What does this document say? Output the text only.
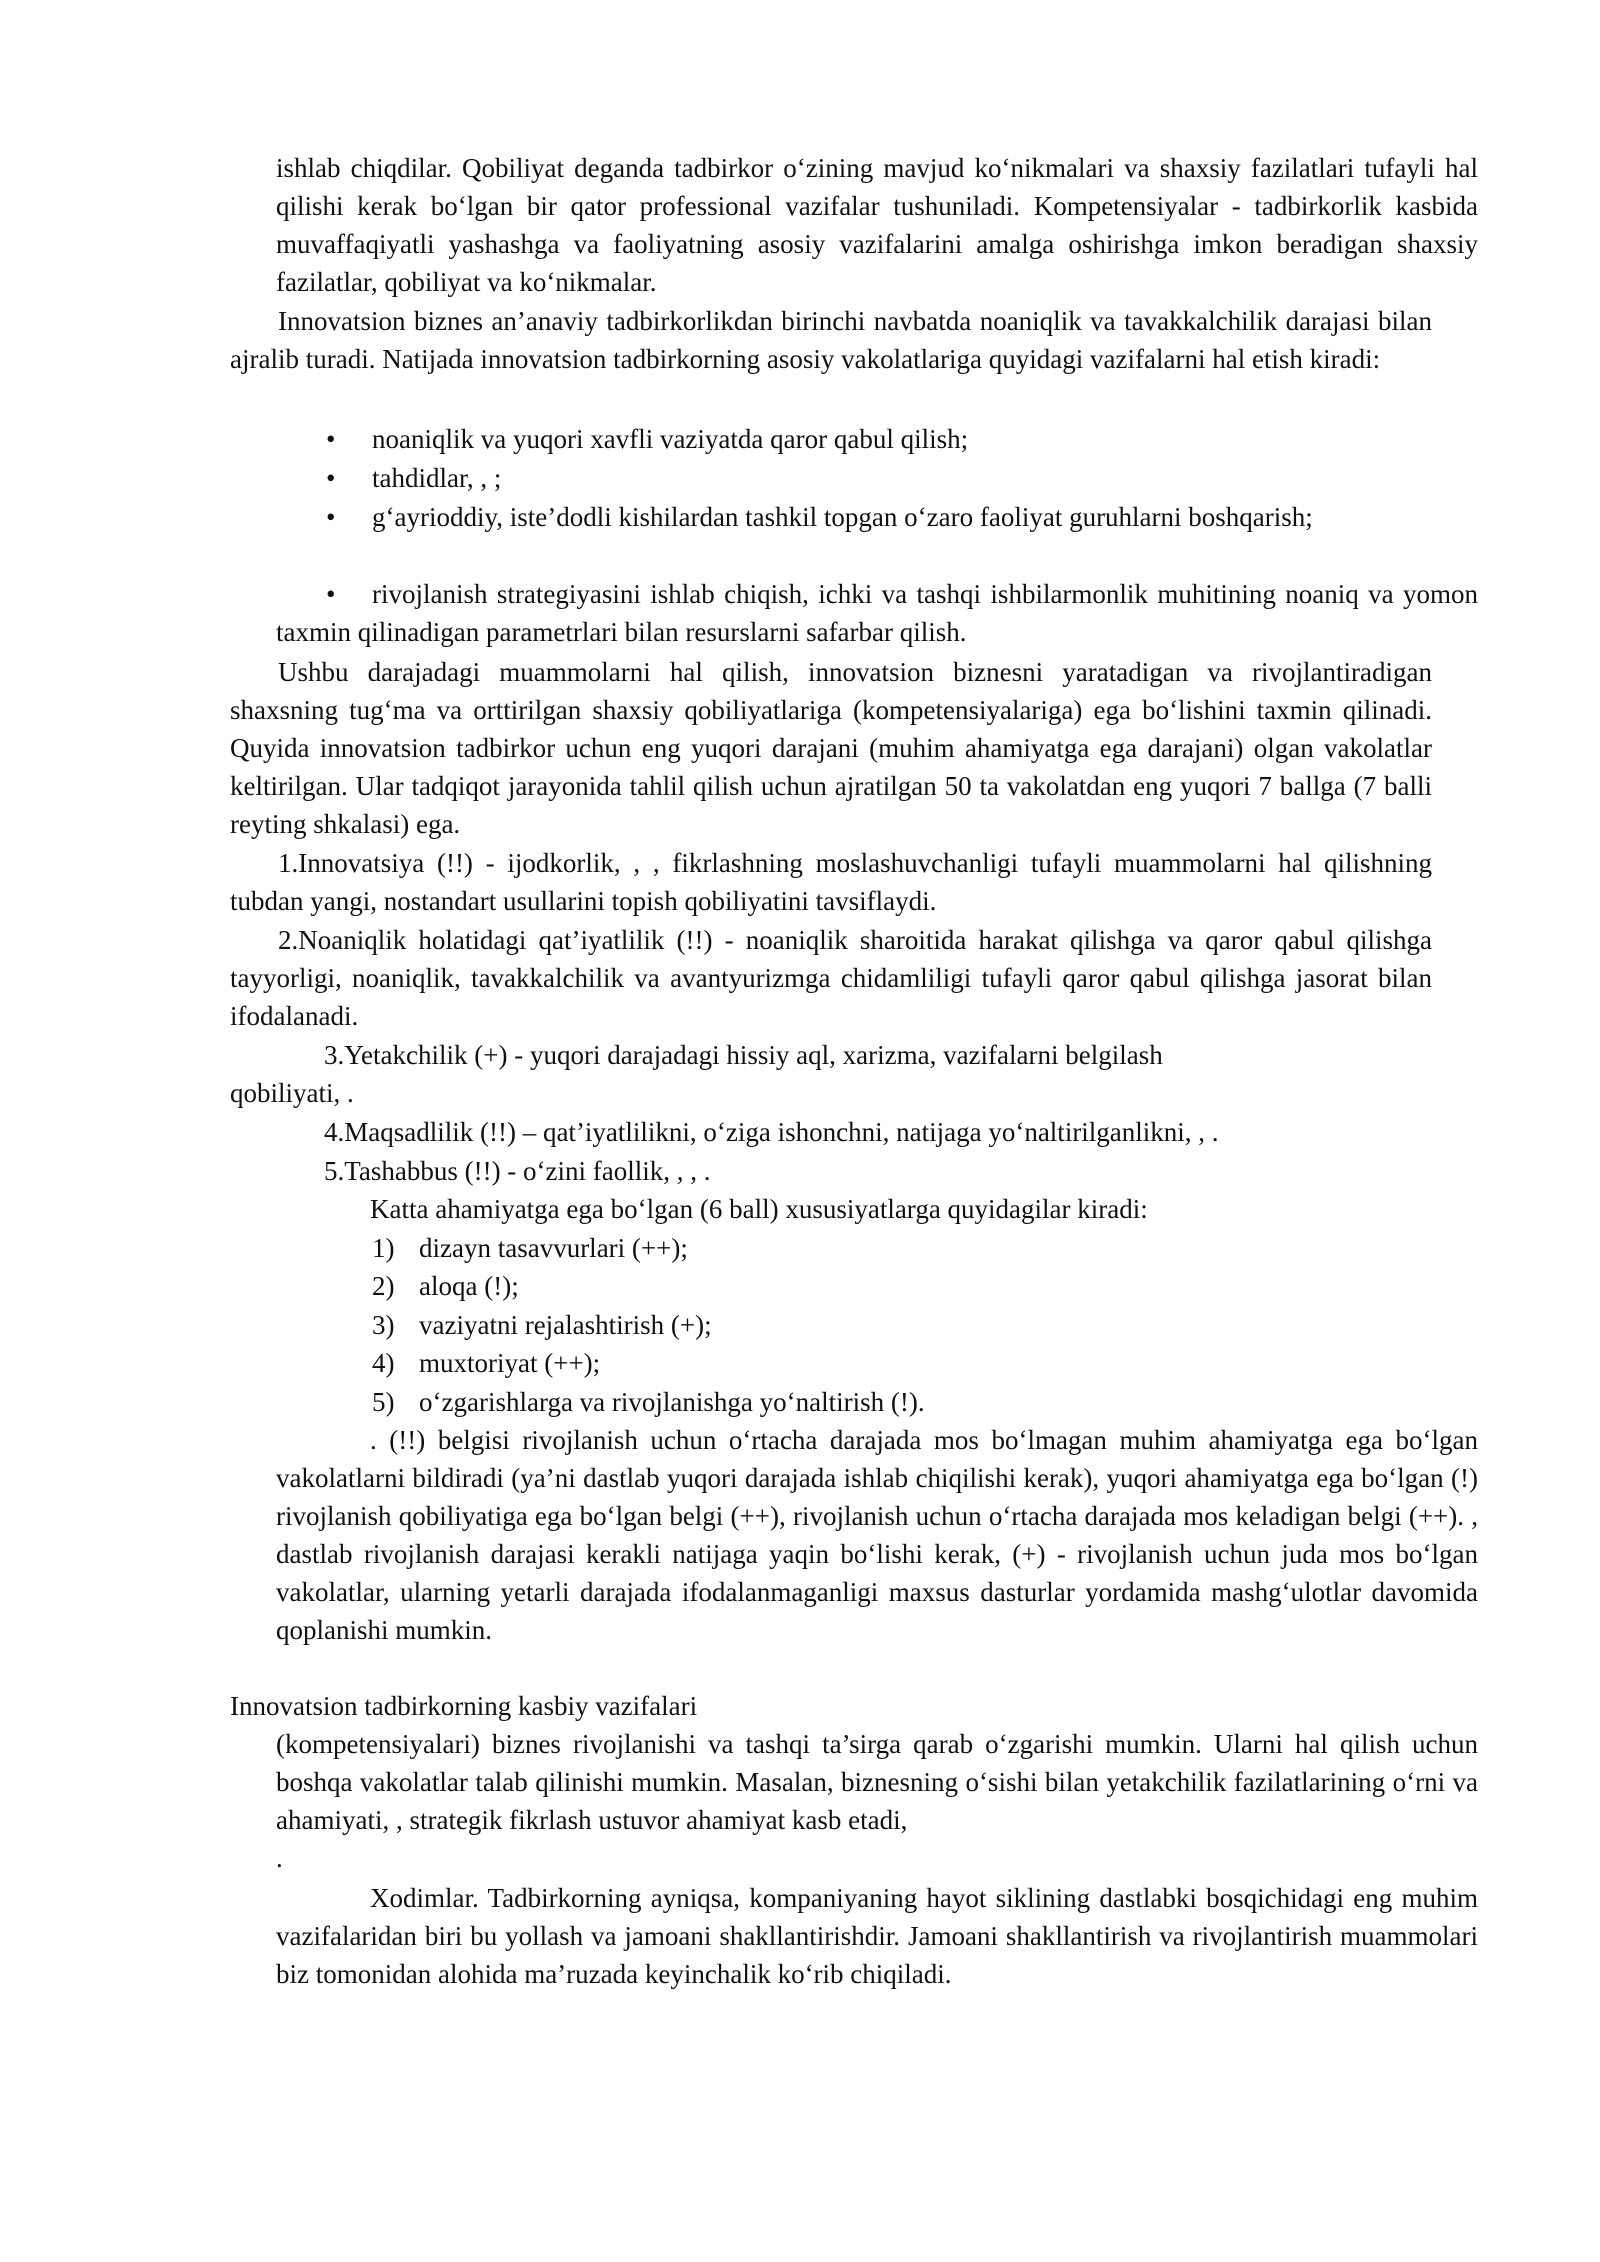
ishlab chiqdilar. Qobiliyat deganda tadbirkor o‘zining mavjud ko‘nikmalari va shaxsiy fazilatlari tufayli hal qilishi kerak bo‘lgan bir qator professional vazifalar tushuniladi. Kompetensiyalar - tadbirkorlik kasbida muvaffaqiyatli yashashga va faoliyatning asosiy vazifalarini amalga oshirishga imkon beradigan shaxsiy fazilatlar, qobiliyat va ko‘nikmalar.

Innovatsion biznes an’anaviy tadbirkorlikdan birinchi navbatda noaniqlik va tavakkalchilik darajasi bilan ajralib turadi. Natijada innovatsion tadbirkorning asosiy vakolatlariga quyidagi vazifalarni hal etish kiradi:

• noaniqlik va yuqori xavfli vaziyatda qaror qabul qilish;

• tahdidlar, , ;

• g‘ayrioddiy, iste’dodli kishilardan tashkil topgan o‘zaro faoliyat guruhlarni boshqarish;

• rivojlanish strategiyasini ishlab chiqish, ichki va tashqi ishbilarmonlik muhitining noaniq va yomon taxmin qilinadigan parametrlari bilan resurslarni safarbar qilish.

Ushbu darajadagi muammolarni hal qilish, innovatsion biznesni yaratadigan va rivojlantiradigan shaxsning tug‘ma va orttirilgan shaxsiy qobiliyatlariga (kompetensiyalariga) ega bo‘lishini taxmin qilinadi. Quyida innovatsion tadbirkor uchun eng yuqori darajani (muhim ahamiyatga ega darajani) olgan vakolatlar keltirilgan. Ular tadqiqot jarayonida tahlil qilish uchun ajratilgan 50 ta vakolatdan eng yuqori 7 ballga (7 balli reyting shkalasi) ega.

1.Innovatsiya (!!) - ijodkorlik, , , fikrlashning moslashuvchanligi tufayli muammolarni hal qilishning tubdan yangi, nostandart usullarini topish qobiliyatini tavsiflaydi.

2.Noaniqlik holatidagi qat’iyatlilik (!!) - noaniqlik sharoitida harakat qilishga va qaror qabul qilishga tayyorligi, noaniqlik, tavakkalchilik va avantyurizmga chidamliligi tufayli qaror qabul qilishga jasorat bilan ifodalanadi.

3.Yetakchilik (+) - yuqori darajadagi hissiy aql, xarizma, vazifalarni belgilash

qobiliyati, .

4.Maqsadlilik (!!) – qat’iyatlilikni, o‘ziga ishonchni, natijaga yo‘naltirilganlikni, , .

5.Tashabbus (!!) - o‘zini faollik, , , .

Katta ahamiyatga ega bo‘lgan (6 ball) xususiyatlarga quyidagilar kiradi:

1) dizayn tasavvurlari (++);

2) aloqa (!);

3) vaziyatni rejalashtirish (+);

4) muxtoriyat (++);

5) o‘zgarishlarga va rivojlanishga yo‘naltirish (!).

. (!!) belgisi rivojlanish uchun o‘rtacha darajada mos bo‘lmagan muhim ahamiyatga ega bo‘lgan vakolatlarni bildiradi (ya’ni dastlab yuqori darajada ishlab chiqilishi kerak), yuqori ahamiyatga ega bo‘lgan (!) rivojlanish qobiliyatiga ega bo‘lgan belgi (++), rivojlanish uchun o‘rtacha darajada mos keladigan belgi (++). , dastlab rivojlanish darajasi kerakli natijaga yaqin bo‘lishi kerak, (+) - rivojlanish uchun juda mos bo‘lgan vakolatlar, ularning yetarli darajada ifodalanmaganligi maxsus dasturlar yordamida mashg‘ulotlar davomida qoplanishi mumkin.

Innovatsion tadbirkorning kasbiy vazifalari

(kompetensiyalari) biznes rivojlanishi va tashqi ta’sirga qarab o‘zgarishi mumkin. Ularni hal qilish uchun boshqa vakolatlar talab qilinishi mumkin. Masalan, biznesning o‘sishi bilan yetakchilik fazilatlarining o‘rni va ahamiyati, , strategik fikrlash ustuvor ahamiyat kasb etadi,

.

Xodimlar. Tadbirkorning ayniqsa, kompaniyaning hayot siklining dastlabki bosqichidagi eng muhim vazifalaridan biri bu yollash va jamoani shakllantirishdir. Jamoani shakllantirish va rivojlantirish muammolari biz tomonidan alohida ma’ruzada keyinchalik ko‘rib chiqiladi.
